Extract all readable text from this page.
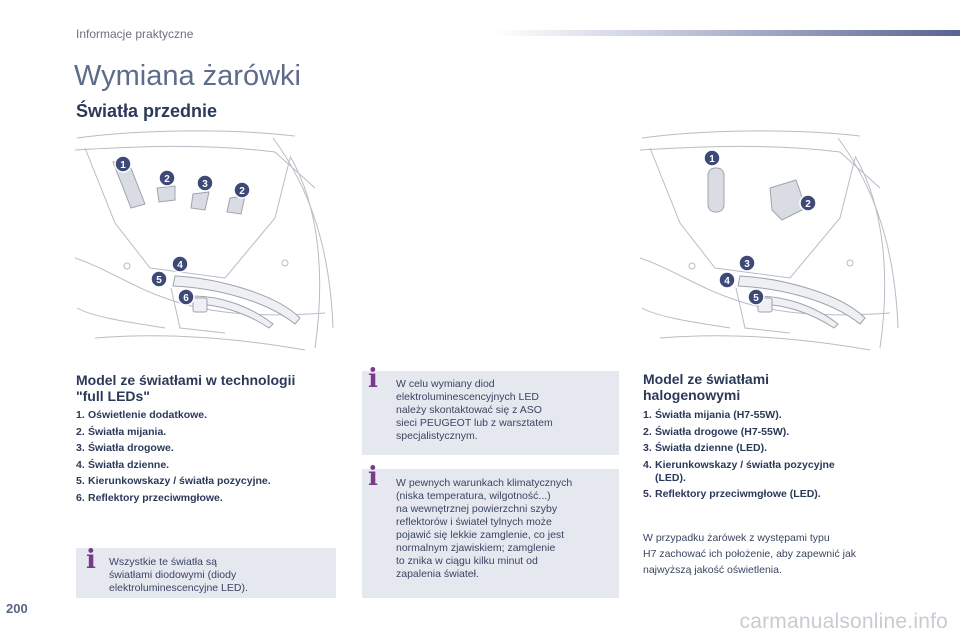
Informacje praktyczne
Wymiana żarówki
Światła przednie
1
2	3
2
4
5
6
1
2
3
4
5
Model ze światłami w technologii
"full LEDs"
1. Oświetlenie dodatkowe.
2. Światła mijania.
3. Światła drogowe.
4. Światła dzienne.
5. Kierunkowskazy / światła pozycyjne.
6. Reflektory przeciwmgłowe.
i Wszystkie te światła są
światłami diodowymi (diody
elektroluminescencyjne LED).
i W celu wymiany diod
elektroluminescencyjnych LED
należy skontaktować się z ASO
sieci PEUGEOT lub z warsztatem
specjalistycznym.
i W pewnych warunkach klimatycznych
(niska temperatura, wilgotność...)
na wewnętrznej powierzchni szyby
reflektorów i świateł tylnych może
pojawić się lekkie zamglenie, co jest
normalnym zjawiskiem; zamglenie
to znika w ciągu kilku minut od
zapalenia świateł.
Model ze światłami
halogenowymi
1. Światła mijania (H7-55W).
2. Światła drogowe (H7-55W).
3. Światła dzienne (LED).
4. Kierunkowskazy / światła pozycyjne
(LED).
5. Reflektory przeciwmgłowe (LED).
W przypadku żarówek z występami typu
H7 zachować ich położenie, aby zapewnić jak
najwyższą jakość oświetlenia.
200
carmanualsonline.info
